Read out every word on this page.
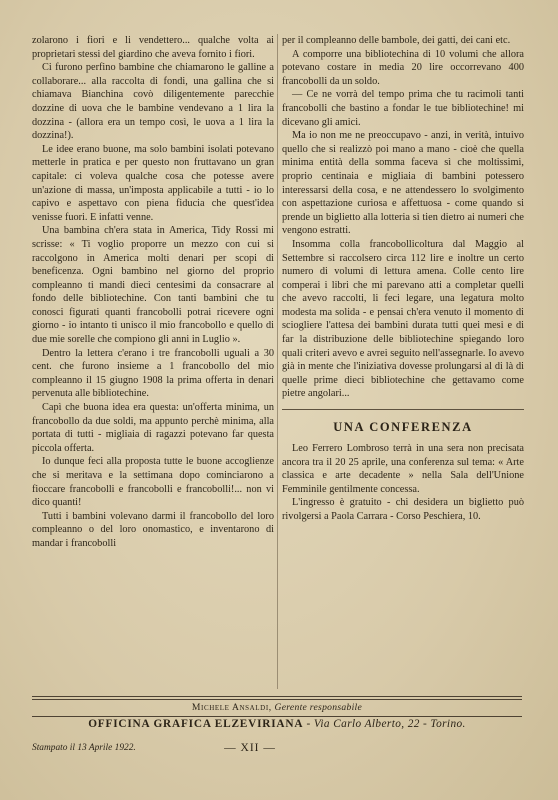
zolarono i fiori e li vendettero... qualche volta ai proprietari stessi del giardino che aveva fornito i fiori.

Ci furono perfino bambine che chiamarono le galline a collaborare... alla raccolta di fondi, una gallina che si chiamava Bianchina covò diligentemente parecchie dozzine di uova che le bambine vendevano a 1 lira la dozzina - (allora era un tempo così, le uova a 1 lira la dozzina!).

Le idee erano buone, ma solo bambini isolati potevano metterle in pratica e per questo non fruttavano un gran capitale: ci voleva qualche cosa che potesse avere un'azione di massa, un'imposta applicabile a tutti - io lo capivo e aspettavo con piena fiducia che quest'idea venisse fuori. E infatti venne.

Una bambina ch'era stata in America, Tidy Rossi mi scrisse: « Ti voglio proporre un mezzo con cui si raccolgono in America molti denari per scopi di beneficenza. Ogni bambino nel giorno del proprio compleanno ti mandi dieci centesimi da consacrare al fondo delle bibliotechine. Con tanti bambini che tu conosci figurati quanti francobolli potrai ricevere ogni giorno - io intanto ti unisco il mio francobollo e quello di due mie sorelle che compiono gli anni in Luglio ».

Dentro la lettera c'erano i tre francobolli uguali a 30 cent. che furono insieme a 1 francobollo del mio compleanno il 15 giugno 1908 la prima offerta in denari pervenuta alle bibliotechine.

Capì che buona idea era questa: un'offerta minima, un francobollo da due soldi, ma appunto perchè minima, alla portata di tutti - migliaia di ragazzi potevano far questa piccola offerta.

Io dunque feci alla proposta tutte le buone accoglienze che si meritava e la settimana dopo cominciarono a fioccare francobolli e francobolli e francobolli!... non vi dico quanti!

Tutti i bambini volevano darmi il francobollo del loro compleanno o del loro onomastico, e inventarono di mandar i francobolli

per il compleanno delle bambole, dei gatti, dei cani etc.

A comporre una bibliotechina di 10 volumi che allora potevano costare in media 20 lire occorrevano 400 francobolli da un soldo.

— Ce ne vorrà del tempo prima che tu racimoli tanti francobolli che bastino a fondar le tue bibliotechine! mi dicevano gli amici.

Ma io non me ne preoccupavo - anzi, in verità, intuivo quello che si realizzò poi mano a mano - cioè che quella minima entità della somma faceva sì che moltissimi, proprio centinaia e migliaia di bambini potessero interessarsi della cosa, e ne attendessero lo svolgimento con aspettazione curiosa e affettuosa - come quando si prende un biglietto alla lotteria si tien dietro ai numeri che vengono estratti.

Insomma colla francobollicoltura dal Maggio al Settembre si raccolsero circa 112 lire e inoltre un certo numero di volumi di lettura amena. Colle cento lire comperai i libri che mi parevano atti a completar quelli che avevo raccolti, li feci legare, una legatura molto modesta ma solida - e pensai ch'era venuto il momento di sciogliere l'attesa dei bambini durata tutti quei mesi e di far la distribuzione delle bibliotechine spiegando loro quali criteri avevo e avrei seguito nell'assegnarle. Io avevo già in mente che l'iniziativa dovesse prolungarsi al di là di quelle prime dieci bibliotechine che gettavamo come pietre angolari...

UNA CONFERENZA

Leo Ferrero Lombroso terrà in una sera non precisata ancora tra il 20 25 aprile, una conferenza sul tema: « Arte classica e arte decadente » nella Sala dell'Unione Femminile gentilmente concessa.

L'ingresso è gratuito - chi desidera un biglietto può rivolgersi a Paola Carrara - Corso Peschiera, 10.

Michele Ansaldi, Gerente responsabile
OFFICINA GRAFICA ELZEVIRIANA - Via Carlo Alberto, 22 - Torino.
Stampato il 13 Aprile 1922.	— XII —
